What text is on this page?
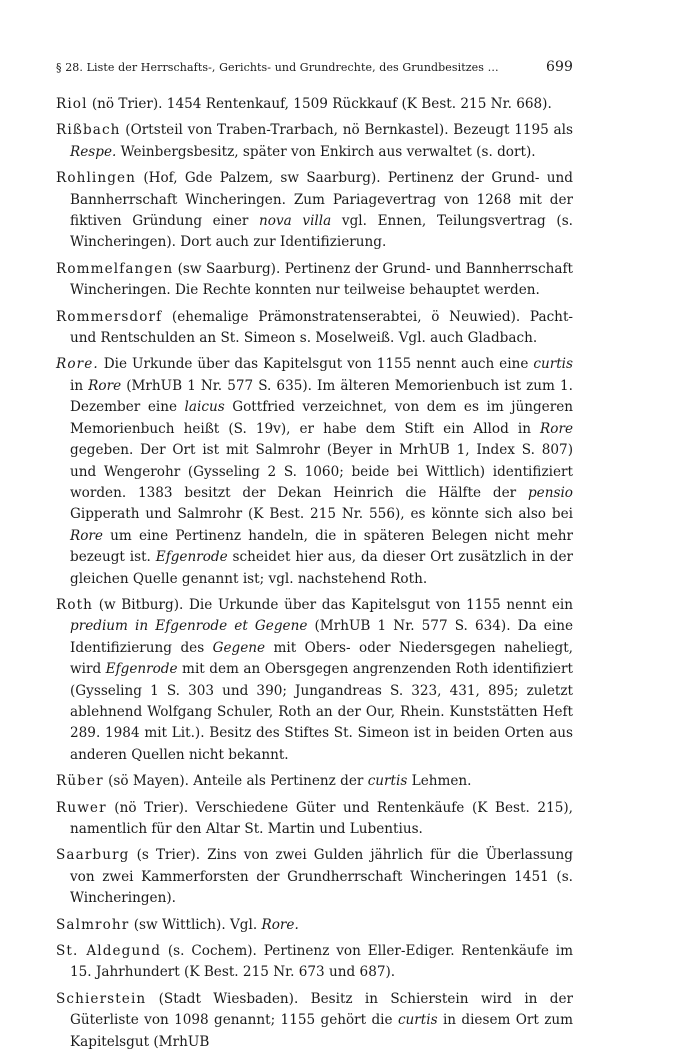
§ 28. Liste der Herrschafts-, Gerichts- und Grundrechte, des Grundbesitzes …	699

Riol (nö Trier). 1454 Rentenkauf, 1509 Rückkauf (K Best. 215 Nr. 668).

Rißbach (Ortsteil von Traben-Trarbach, nö Bernkastel). Bezeugt 1195 als Respe. Weinbergsbesitz, später von Enkirch aus verwaltet (s. dort).

Rohlingen (Hof, Gde Palzem, sw Saarburg). Pertinenz der Grund- und Bannherrschaft Wincheringen. Zum Pariagevertrag von 1268 mit der fiktiven Gründung einer nova villa vgl. Ennen, Teilungsvertrag (s. Wincheringen). Dort auch zur Identifizierung.

Rommelfangen (sw Saarburg). Pertinenz der Grund- und Bannherrschaft Wincheringen. Die Rechte konnten nur teilweise behauptet werden.

Rommersdorf (ehemalige Prämonstratenserabtei, ö Neuwied). Pacht- und Rentschulden an St. Simeon s. Moselweiß. Vgl. auch Gladbach.

Rore. Die Urkunde über das Kapitelsgut von 1155 nennt auch eine curtis in Rore (MrhUB 1 Nr. 577 S. 635). Im älteren Memorienbuch ist zum 1. Dezember eine laicus Gottfried verzeichnet, von dem es im jüngeren Memorienbuch heißt (S. 19v), er habe dem Stift ein Allod in Rore gegeben. Der Ort ist mit Salmrohr (Beyer in MrhUB 1, Index S. 807) und Wengerohr (Gysseling 2 S. 1060; beide bei Wittlich) identifiziert worden. 1383 besitzt der Dekan Heinrich die Hälfte der pensio Gipperath und Salmrohr (K Best. 215 Nr. 556), es könnte sich also bei Rore um eine Pertinenz handeln, die in späteren Belegen nicht mehr bezeugt ist. Efgenrode scheidet hier aus, da dieser Ort zusätzlich in der gleichen Quelle genannt ist; vgl. nachstehend Roth.

Roth (w Bitburg). Die Urkunde über das Kapitelsgut von 1155 nennt ein predium in Efgenrode et Gegene (MrhUB 1 Nr. 577 S. 634). Da eine Identifizierung des Gegene mit Obers- oder Niedersgegen naheliegt, wird Efgenrode mit dem an Obersgegen angrenzenden Roth identifiziert (Gysseling 1 S. 303 und 390; Jungandreas S. 323, 431, 895; zuletzt ablehnend Wolfgang Schuler, Roth an der Our, Rhein. Kunststätten Heft 289. 1984 mit Lit.). Besitz des Stiftes St. Simeon ist in beiden Orten aus anderen Quellen nicht bekannt.

Rüber (sö Mayen). Anteile als Pertinenz der curtis Lehmen.

Ruwer (nö Trier). Verschiedene Güter und Rentenkäufe (K Best. 215), namentlich für den Altar St. Martin und Lubentius.

Saarburg (s Trier). Zins von zwei Gulden jährlich für die Überlassung von zwei Kammerforsten der Grundherrschaft Wincheringen 1451 (s. Wincheringen).

Salmrohr (sw Wittlich). Vgl. Rore.

St. Aldegund (s. Cochem). Pertinenz von Eller-Ediger. Rentenkäufe im 15. Jahrhundert (K Best. 215 Nr. 673 und 687).

Schierstein (Stadt Wiesbaden). Besitz in Schierstein wird in der Güterliste von 1098 genannt; 1155 gehört die curtis in diesem Ort zum Kapitelsgut (MrhUB
